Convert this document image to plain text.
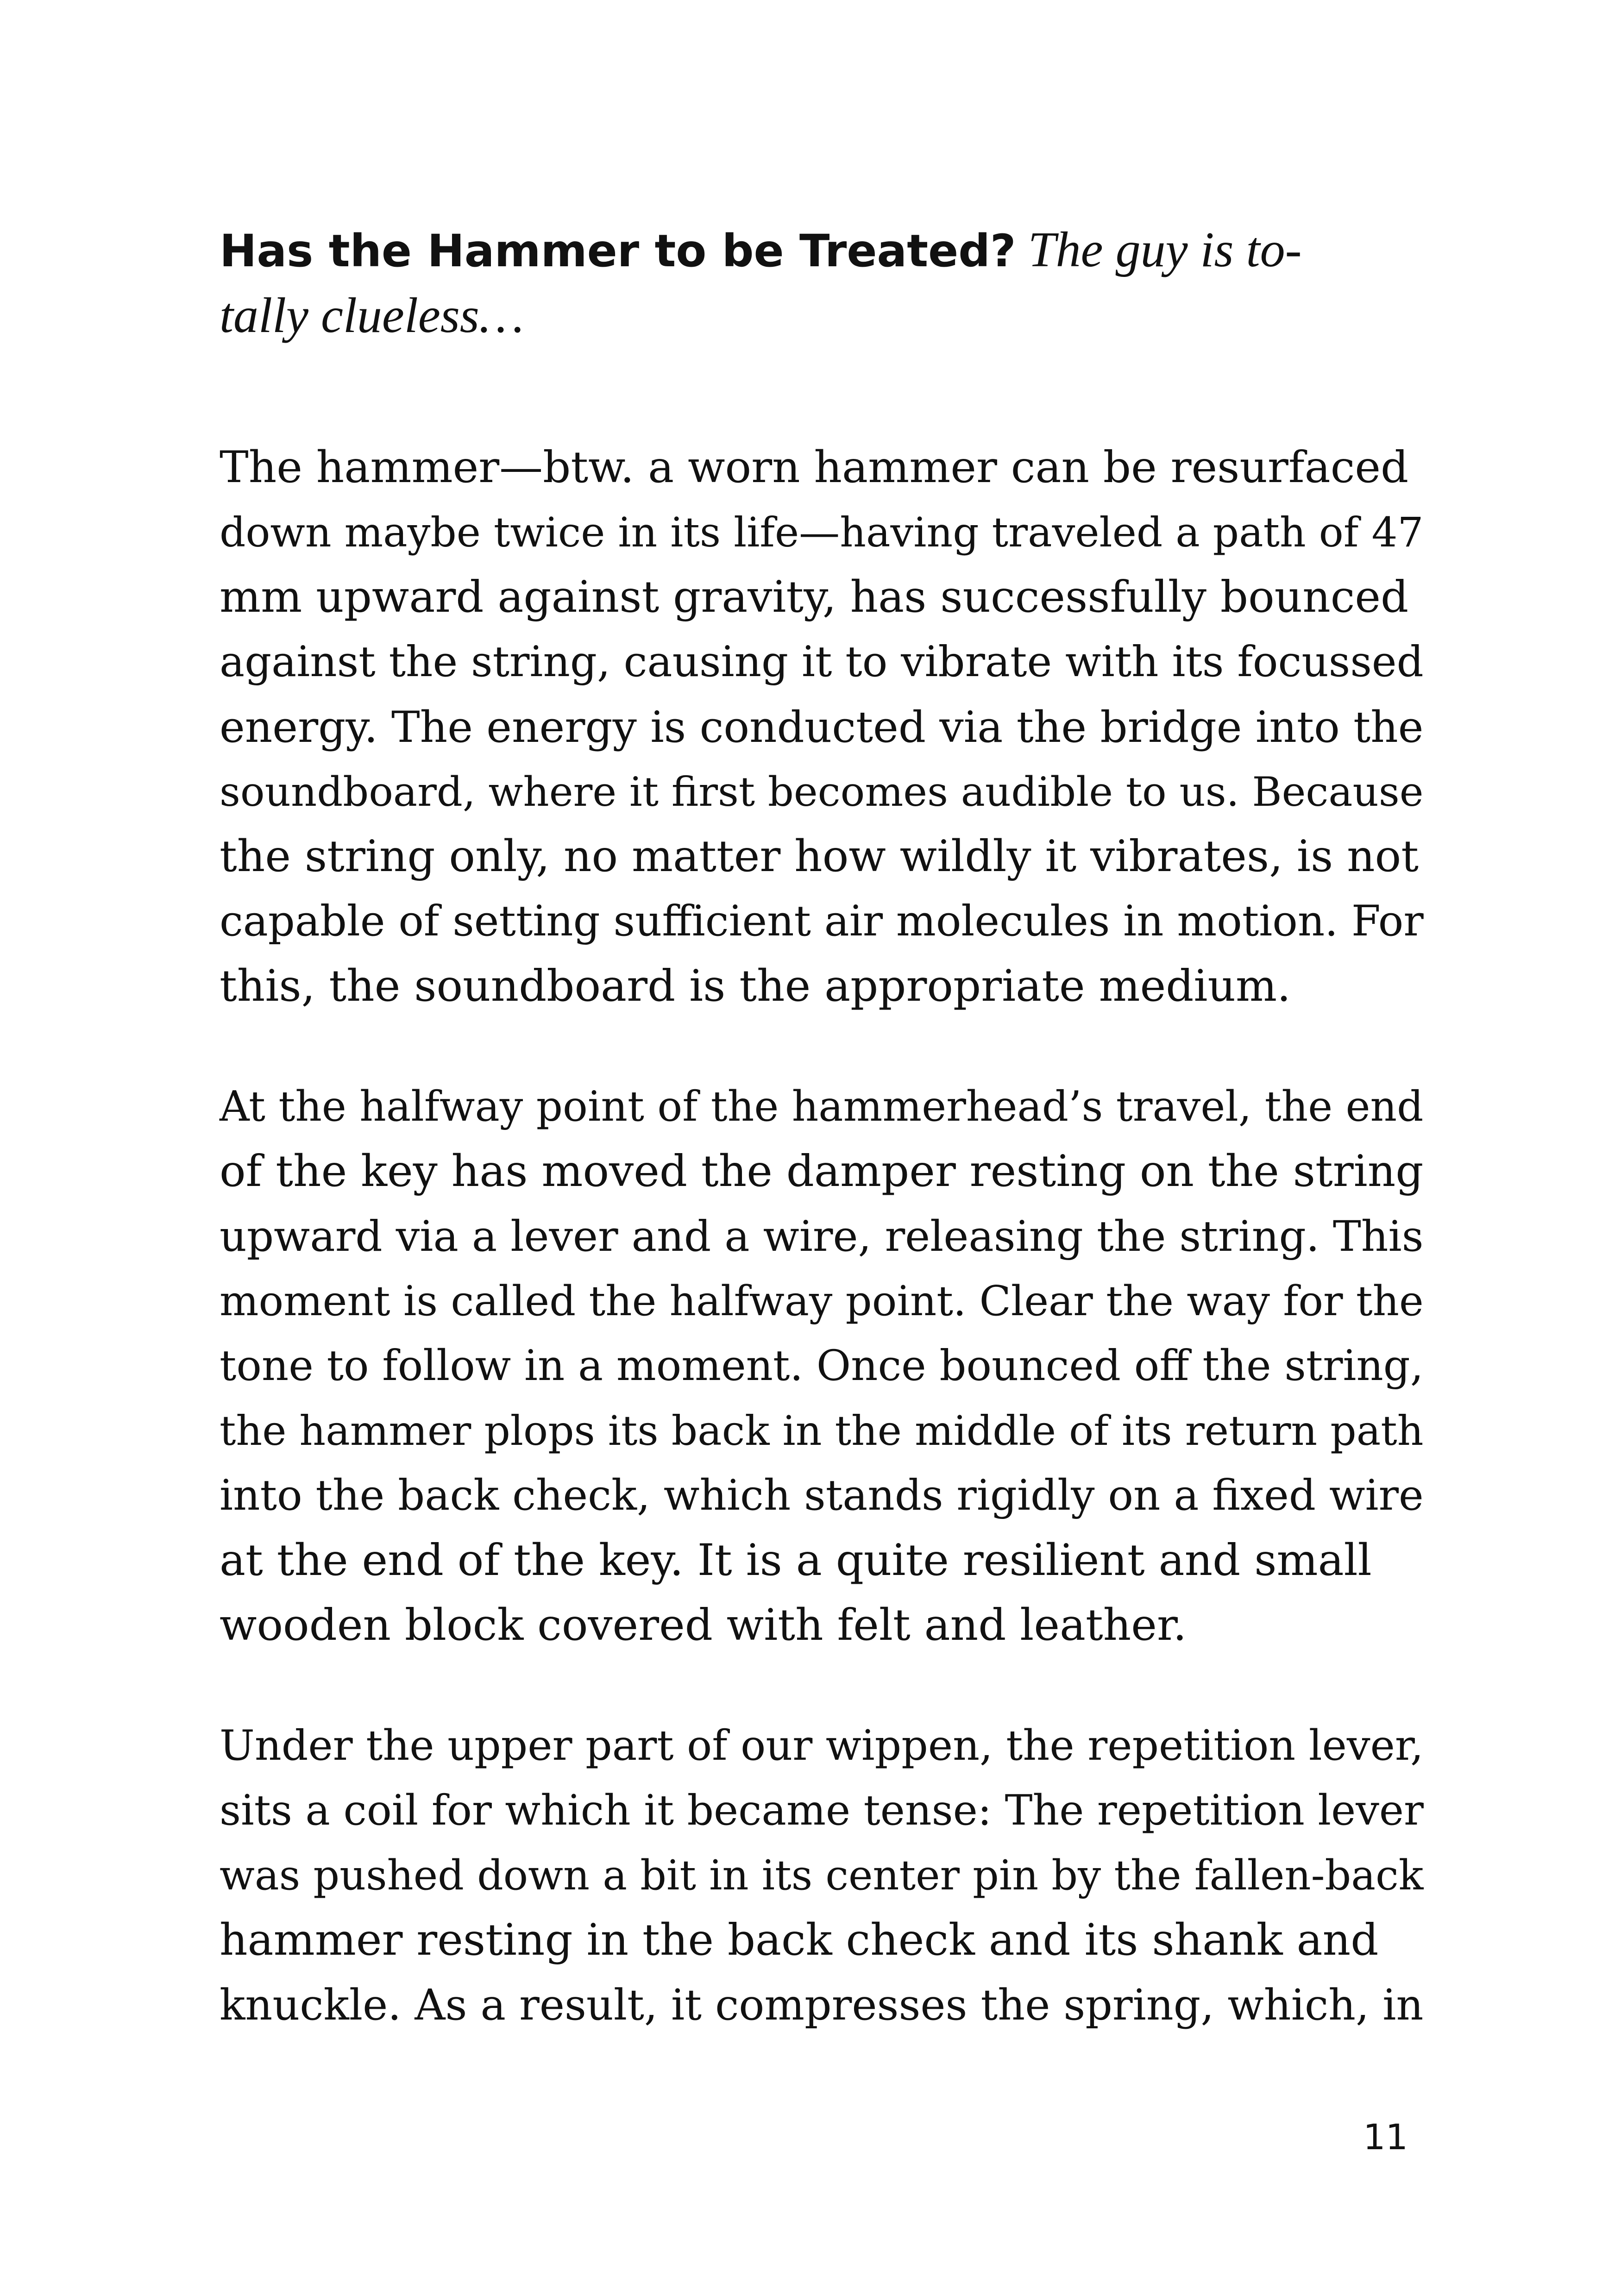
Has the Hammer to be Treated? The guy is to-
tally clueless…
The hammer—btw. a worn hammer can be resurfaced
down maybe twice in its life—having traveled a path of 47
mm upward against gravity, has successfully bounced
against the string, causing it to vibrate with its focussed
energy. The energy is conducted via the bridge into the
soundboard, where it first becomes audible to us. Because
the string only, no matter how wildly it vibrates, is not
capable of setting sufficient air molecules in motion. For
this, the soundboard is the appropriate medium.
At the halfway point of the hammerhead’s travel, the end
of the key has moved the damper resting on the string
upward via a lever and a wire, releasing the string. This
moment is called the halfway point. Clear the way for the
tone to follow in a moment. Once bounced off the string,
the hammer plops its back in the middle of its return path
into the back check, which stands rigidly on a fixed wire
at the end of the key. It is a quite resilient and small
wooden block covered with felt and leather.
Under the upper part of our wippen, the repetition lever,
sits a coil for which it became tense: The repetition lever
was pushed down a bit in its center pin by the fallen-back
hammer resting in the back check and its shank and
knuckle. As a result, it compresses the spring, which, in
11
